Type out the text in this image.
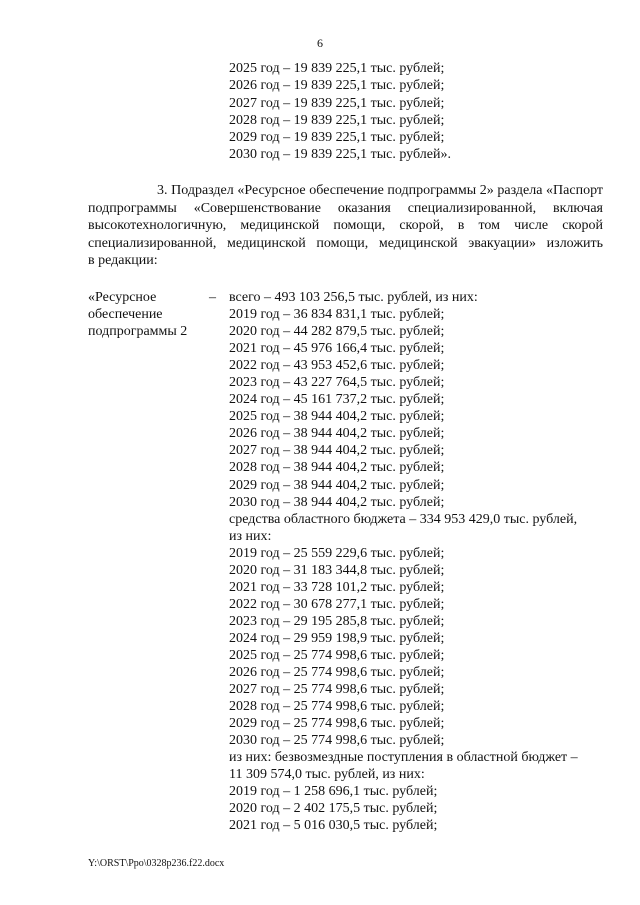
6
2025 год – 19 839 225,1 тыс. рублей;
2026 год – 19 839 225,1 тыс. рублей;
2027 год – 19 839 225,1 тыс. рублей;
2028 год – 19 839 225,1 тыс. рублей;
2029 год – 19 839 225,1 тыс. рублей;
2030 год – 19 839 225,1 тыс. рублей».
3. Подраздел «Ресурсное обеспечение подпрограммы 2» раздела «Паспорт
подпрограммы «Совершенствование оказания специализированной, включая
высокотехнологичную, медицинской помощи, скорой, в том числе скорой
специализированной, медицинской помощи, медицинской эвакуации» изложить
в редакции:
«Ресурсное
обеспечение
подпрограммы 2
– всего – 493 103 256,5 тыс. рублей, из них:
2019 год – 36 834 831,1 тыс. рублей;
2020 год – 44 282 879,5 тыс. рублей;
2021 год – 45 976 166,4 тыс. рублей;
2022 год – 43 953 452,6 тыс. рублей;
2023 год – 43 227 764,5 тыс. рублей;
2024 год – 45 161 737,2 тыс. рублей;
2025 год – 38 944 404,2 тыс. рублей;
2026 год – 38 944 404,2 тыс. рублей;
2027 год – 38 944 404,2 тыс. рублей;
2028 год – 38 944 404,2 тыс. рублей;
2029 год – 38 944 404,2 тыс. рублей;
2030 год – 38 944 404,2 тыс. рублей;
средства областного бюджета – 334 953 429,0 тыс. рублей,
из них:
2019 год – 25 559 229,6 тыс. рублей;
2020 год – 31 183 344,8 тыс. рублей;
2021 год – 33 728 101,2 тыс. рублей;
2022 год – 30 678 277,1 тыс. рублей;
2023 год – 29 195 285,8 тыс. рублей;
2024 год – 29 959 198,9 тыс. рублей;
2025 год – 25 774 998,6 тыс. рублей;
2026 год – 25 774 998,6 тыс. рублей;
2027 год – 25 774 998,6 тыс. рублей;
2028 год – 25 774 998,6 тыс. рублей;
2029 год – 25 774 998,6 тыс. рублей;
2030 год – 25 774 998,6 тыс. рублей;
из них: безвозмездные поступления в областной бюджет –
11 309 574,0 тыс. рублей, из них:
2019 год – 1 258 696,1 тыс. рублей;
2020 год – 2 402 175,5 тыс. рублей;
2021 год – 5 016 030,5 тыс. рублей;
Y:\ORST\Ppo\0328p236.f22.docx
